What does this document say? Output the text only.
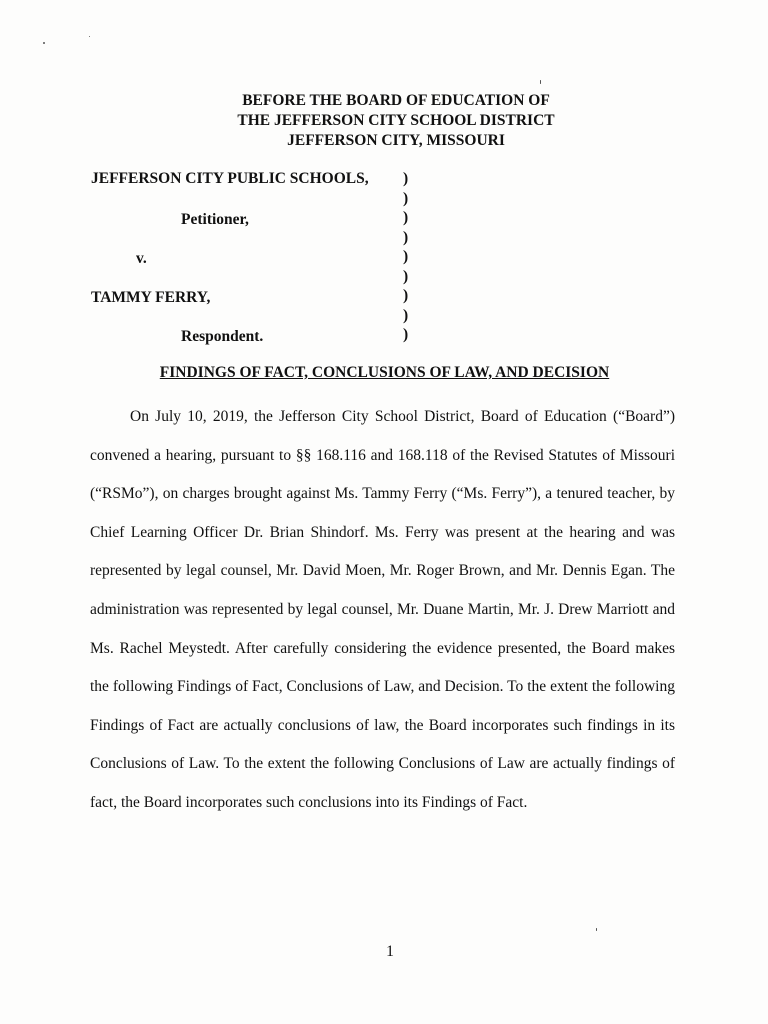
BEFORE THE BOARD OF EDUCATION OF
THE JEFFERSON CITY SCHOOL DISTRICT
JEFFERSON CITY, MISSOURI
JEFFERSON CITY PUBLIC SCHOOLS,
Petitioner,
v.
TAMMY FERRY,
Respondent.
)
)
)
)
)
)
)
)
)
FINDINGS OF FACT, CONCLUSIONS OF LAW, AND DECISION
On July 10, 2019, the Jefferson City School District, Board of Education (“Board”) convened a hearing, pursuant to §§ 168.116 and 168.118 of the Revised Statutes of Missouri (“RSMo”), on charges brought against Ms. Tammy Ferry (“Ms. Ferry”), a tenured teacher, by Chief Learning Officer Dr. Brian Shindorf. Ms. Ferry was present at the hearing and was represented by legal counsel, Mr. David Moen, Mr. Roger Brown, and Mr. Dennis Egan. The administration was represented by legal counsel, Mr. Duane Martin, Mr. J. Drew Marriott and Ms. Rachel Meystedt. After carefully considering the evidence presented, the Board makes the following Findings of Fact, Conclusions of Law, and Decision. To the extent the following Findings of Fact are actually conclusions of law, the Board incorporates such findings in its Conclusions of Law. To the extent the following Conclusions of Law are actually findings of fact, the Board incorporates such conclusions into its Findings of Fact.
1
